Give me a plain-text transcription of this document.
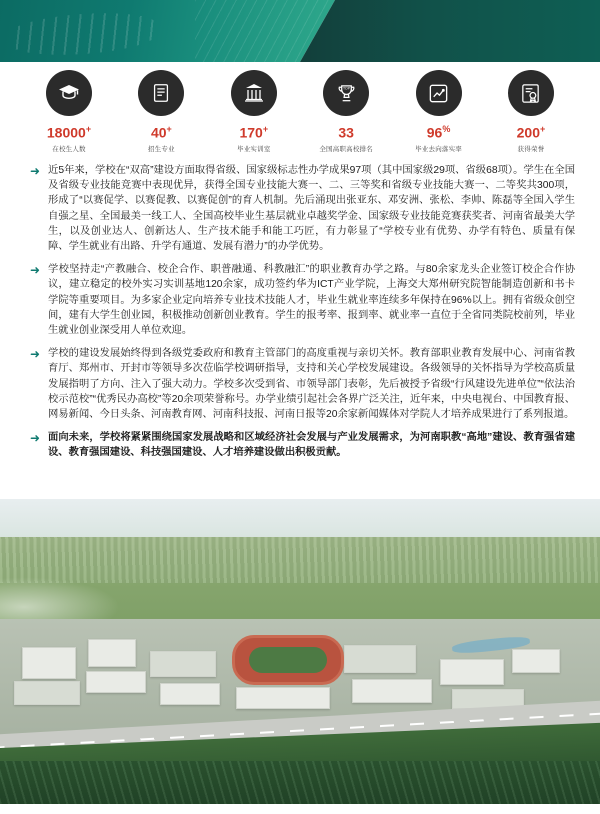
18000+
在校生人数
40+
招生专业
170+
毕业实训室
TOP
33
全国高职高校排名
96%
毕业去向落实率
200+
获得荣誉
➜ 近5年来，学校在“双高”建设方面取得省级、国家级标志性办学成果97项（其中国家级29项、省级68项）。学生在全国及省级专业技能竞赛中表现优异，获得全国专业技能大赛一、二、三等奖和省级专业技能大赛一、二等奖共300项，形成了“以赛促学、以赛促教、以赛促创”的育人机制。先后涌现出张亚东、邓安洲、张松、李帅、陈磊等全国入学生自强之星、全国最美一线工人、全国高校毕业生基层就业卓越奖学金、国家级专业技能竞赛获奖者、河南省最美大学生，以及创业达人、创新达人、生产技术能手和能工巧匠，有力彰显了“学校专业有优势、办学有特色、质量有保障、学生就业有出路、升学有通道、发展有潜力”的办学优势。
➜ 学校坚持走“产教融合、校企合作、职普融通、科教融汇”的职业教育办学之路。与80余家龙头企业签订校企合作协议，建立稳定的校外实习实训基地120余家，成功签约华为ICT产业学院，上海交大郑州研究院智能制造创新和书卡学院等重要项目。为多家企业定向培养专业技术技能人才，毕业生就业率连续多年保持在96%以上。拥有省级众创空间，建有大学生创业园，积极推动创新创业教育。学生的报考率、报到率、就业率一直位于全省同类院校前列，毕业生就业创业深受用人单位欢迎。
➜ 学校的建设发展始终得到各级党委政府和教育主管部门的高度重视与亲切关怀。教育部职业教育发展中心、河南省教育厅、郑州市、开封市等领导多次莅临学校调研指导，支持和关心学校发展建设。各级领导的关怀指导为学校高质量发展指明了方向、注入了强大动力。学校多次受到省、市领导部门表彰，先后被授予省级“行风建设先进单位”“依法治校示范校”“优秀民办高校”等20余项荣誉称号。办学业绩引起社会各界广泛关注，近年来，中央电视台、中国教育报、网易新闻、今日头条、河南教育网、河南科技报、河南日报等20余家新闻媒体对学院人才培养成果进行了系列报道。
➜ 面向未来，学校将紧紧围绕国家发展战略和区域经济社会发展与产业发展需求，为河南职教“高地”建设、教育强省建设、教育强国建设、科技强国建设、人才培养建设做出积极贡献。
